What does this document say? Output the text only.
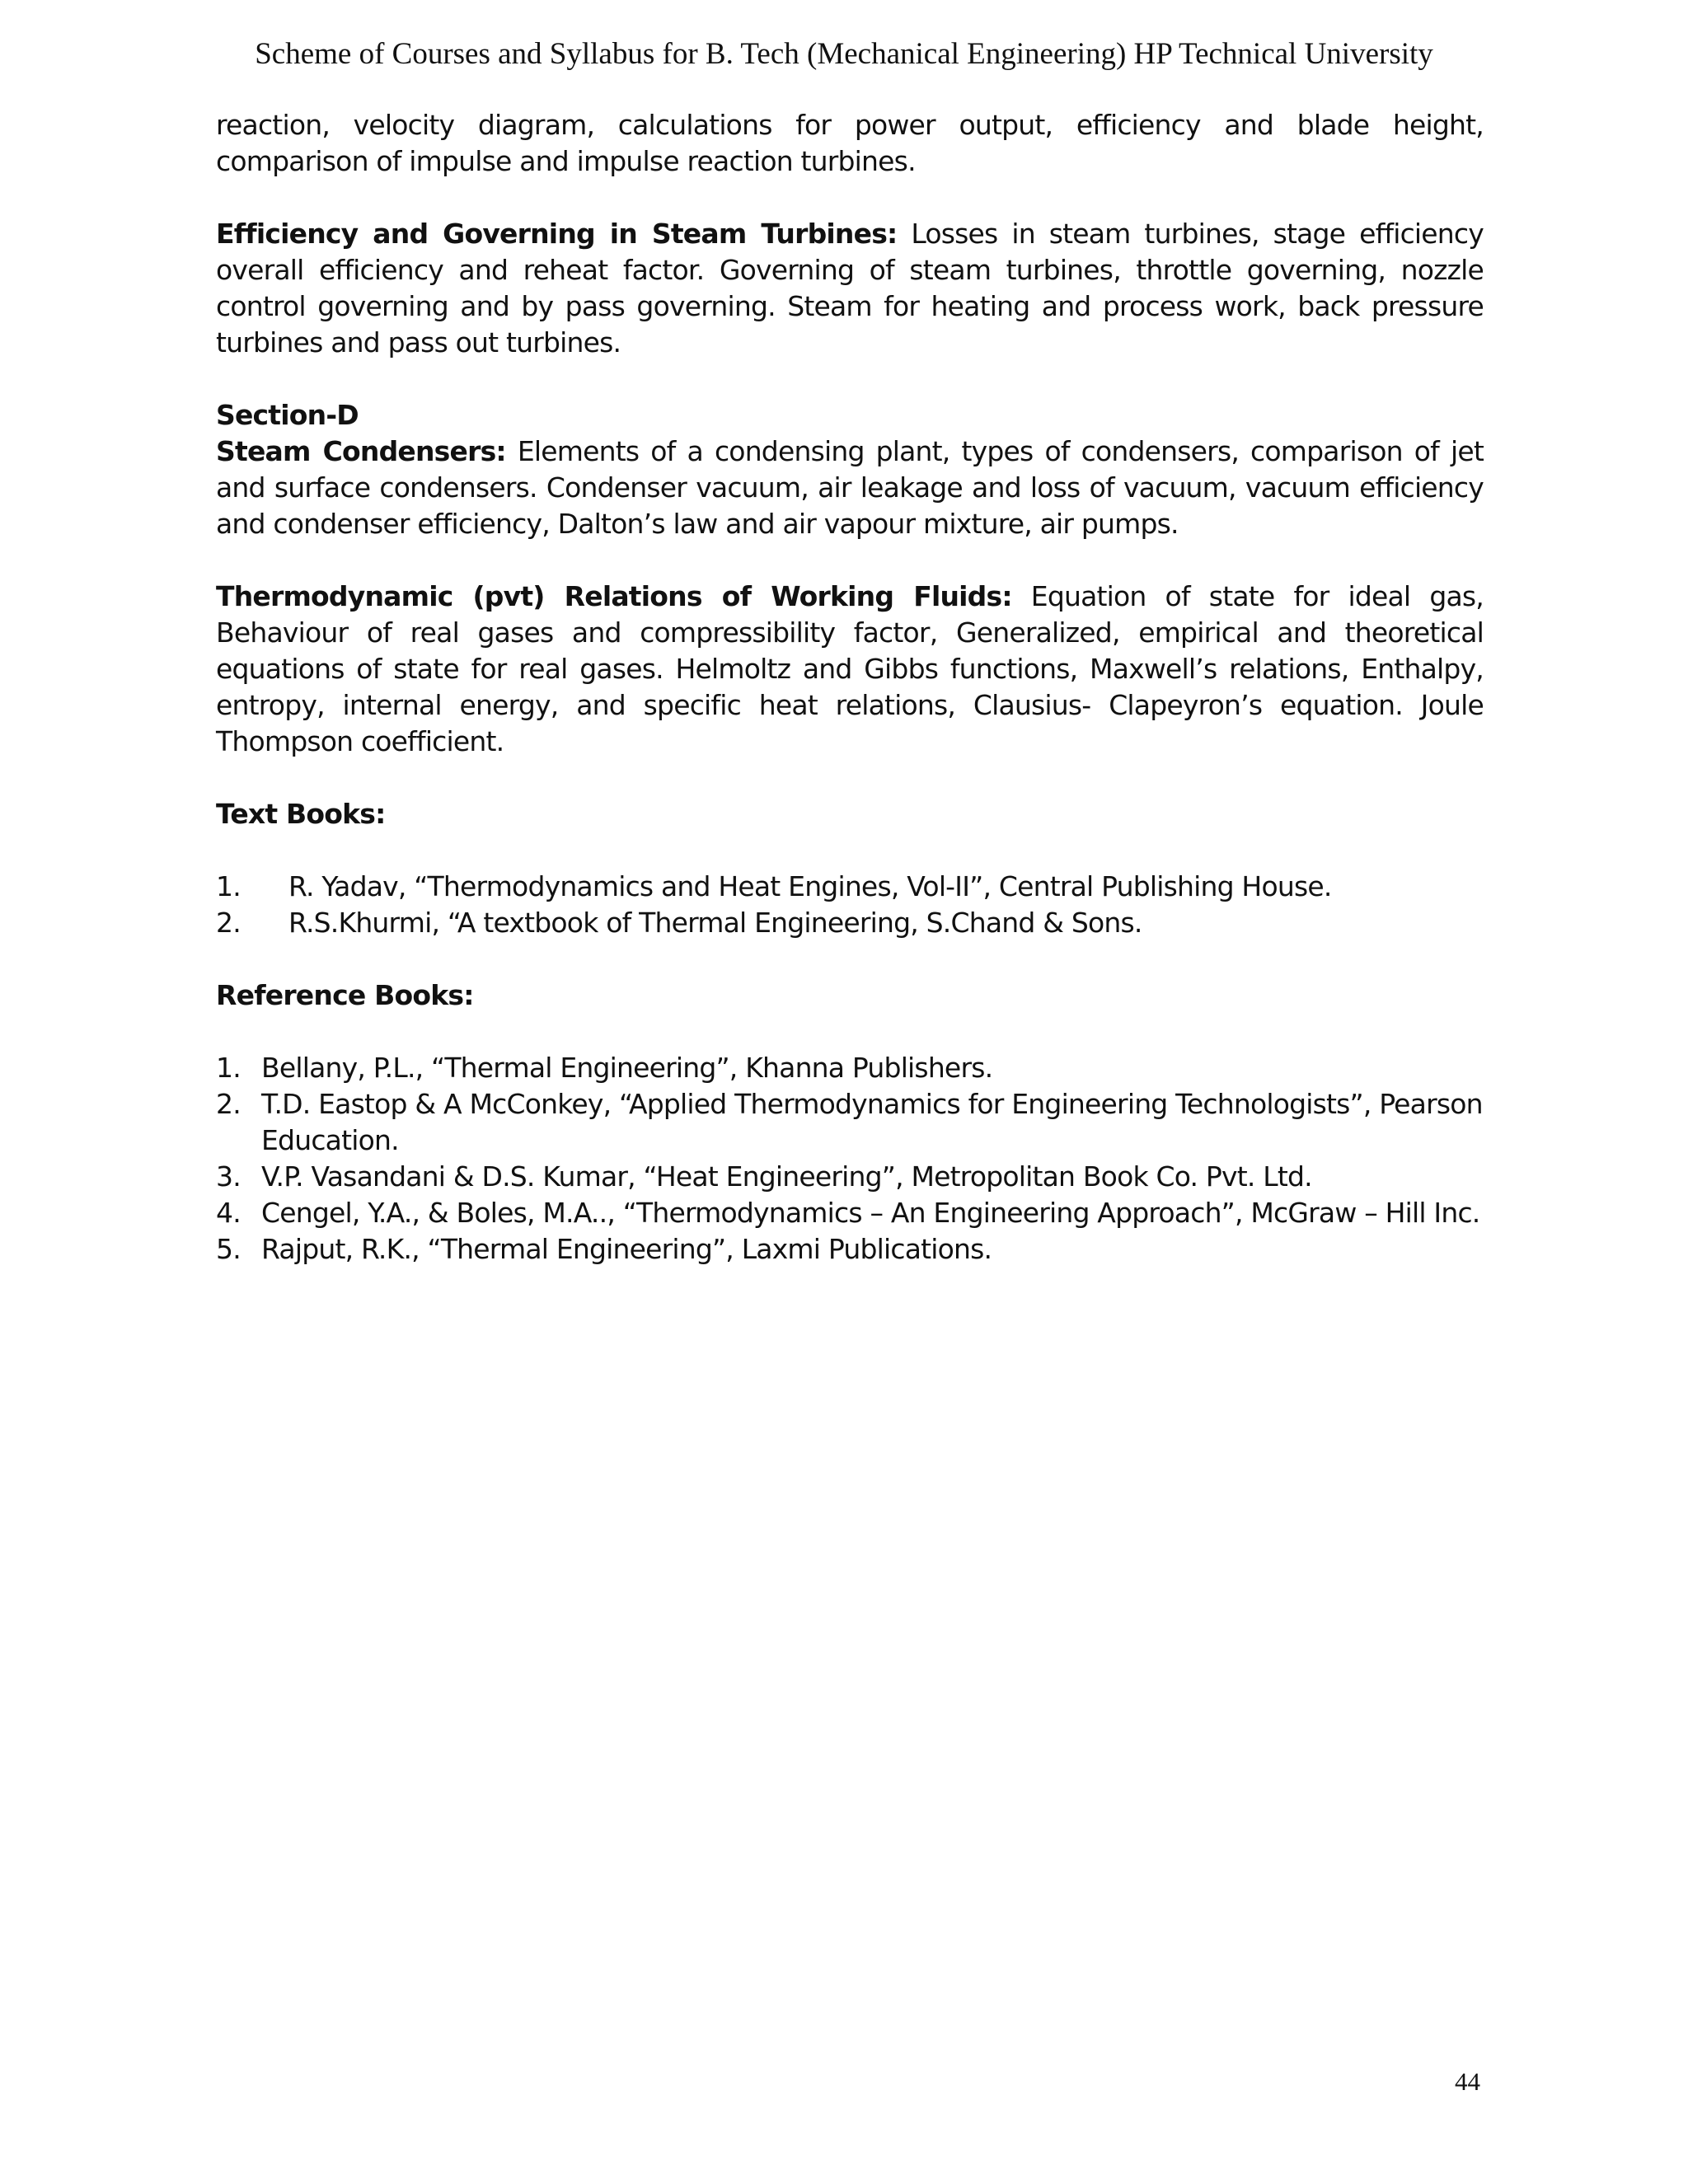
Scheme of Courses and Syllabus for B. Tech (Mechanical Engineering) HP Technical University

reaction, velocity diagram, calculations for power output, efficiency and blade height, comparison of impulse and impulse reaction turbines.

Efficiency and Governing in Steam Turbines: Losses in steam turbines, stage efficiency overall efficiency and reheat factor. Governing of steam turbines, throttle governing, nozzle control governing and by pass governing. Steam for heating and process work, back pressure turbines and pass out turbines.

Section-D

Steam Condensers: Elements of a condensing plant, types of condensers, comparison of jet and surface condensers. Condenser vacuum, air leakage and loss of vacuum, vacuum efficiency and condenser efficiency, Dalton’s law and air vapour mixture, air pumps.

Thermodynamic (pvt) Relations of Working Fluids: Equation of state for ideal gas, Behaviour of real gases and compressibility factor, Generalized, empirical and theoretical equations of state for real gases. Helmoltz and Gibbs functions, Maxwell’s relations, Enthalpy, entropy, internal energy, and specific heat relations, Clausius- Clapeyron’s equation. Joule Thompson coefficient.

Text Books:

1.	R. Yadav, “Thermodynamics and Heat Engines, Vol-II”, Central Publishing House.
2.	R.S.Khurmi, “A textbook of Thermal Engineering, S.Chand & Sons.

Reference Books:

1. Bellany, P.L., “Thermal Engineering”, Khanna Publishers.
2. T.D. Eastop & A McConkey, “Applied Thermodynamics for Engineering Technologists”, Pearson Education.
3. V.P. Vasandani & D.S. Kumar, “Heat Engineering”, Metropolitan Book Co. Pvt. Ltd.
4. Cengel, Y.A., & Boles, M.A.., “Thermodynamics – An Engineering Approach”, McGraw – Hill Inc.
5. Rajput, R.K., “Thermal Engineering”, Laxmi Publications.
44
